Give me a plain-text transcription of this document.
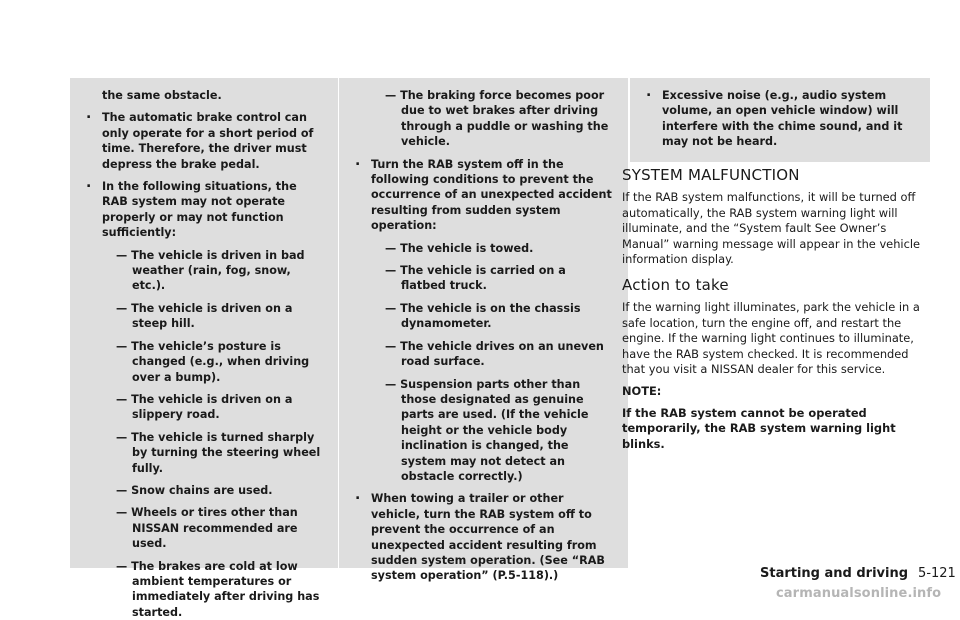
the same obstacle.
. The automatic brake control can only operate for a short period of time. Therefore, the driver must depress the brake pedal.
. In the following situations, the RAB system may not operate properly or may not function sufficiently:
— The vehicle is driven in bad weather (rain, fog, snow, etc.).
— The vehicle is driven on a steep hill.
— The vehicle’s posture is changed (e.g., when driving over a bump).
— The vehicle is driven on a slippery road.
— The vehicle is turned sharply by turning the steering wheel fully.
— Snow chains are used.
— Wheels or tires other than NISSAN recommended are used.
— The brakes are cold at low ambient temperatures or immediately after driving has started.
— The braking force becomes poor due to wet brakes after driving through a puddle or washing the vehicle.
. Turn the RAB system off in the following conditions to prevent the occurrence of an unexpected accident resulting from sudden system operation:
— The vehicle is towed.
— The vehicle is carried on a flatbed truck.
— The vehicle is on the chassis dynamometer.
— The vehicle drives on an uneven road surface.
— Suspension parts other than those designated as genuine parts are used. (If the vehicle height or the vehicle body inclination is changed, the system may not detect an obstacle correctly.)
. When towing a trailer or other vehicle, turn the RAB system off to prevent the occurrence of an unexpected accident resulting from sudden system operation. (See “RAB system operation” (P.5-118).)
. Excessive noise (e.g., audio system volume, an open vehicle window) will interfere with the chime sound, and it may not be heard.
SYSTEM MALFUNCTION

If the RAB system malfunctions, it will be turned off automatically, the RAB system warning light will illuminate, and the “System fault See Owner’s Manual” warning message will appear in the vehicle information display.

Action to take

If the warning light illuminates, park the vehicle in a safe location, turn the engine off, and restart the engine. If the warning light continues to illuminate, have the RAB system checked. It is recommended that you visit a NISSAN dealer for this service.

NOTE:

If the RAB system cannot be operated temporarily, the RAB system warning light blinks.

Starting and driving 5-121
carmanualsonline.info
